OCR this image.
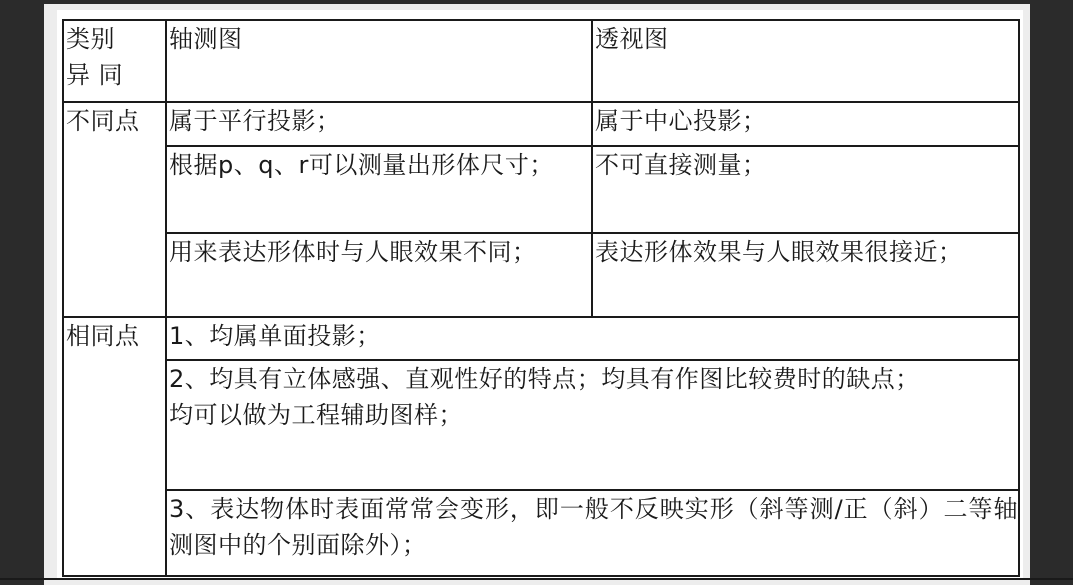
类别
异 同	轴测图	透视图
不同点	属于平行投影；	属于中心投影；
	根据p、q、r可以测量出形体尺寸；	不可直接测量；
	用来表达形体时与人眼效果不同；	表达形体效果与人眼效果很接近；
相同点	1、均属单面投影；	

	2、均具有立体感强、直观性好的特点；均具有作图比较费时的缺点；
均可以做为工程辅助图样；	

	3、表达物体时表面常常会变形，即一般不反映实形（斜等测/正（斜）二等轴测图中的个别面除外）；	
